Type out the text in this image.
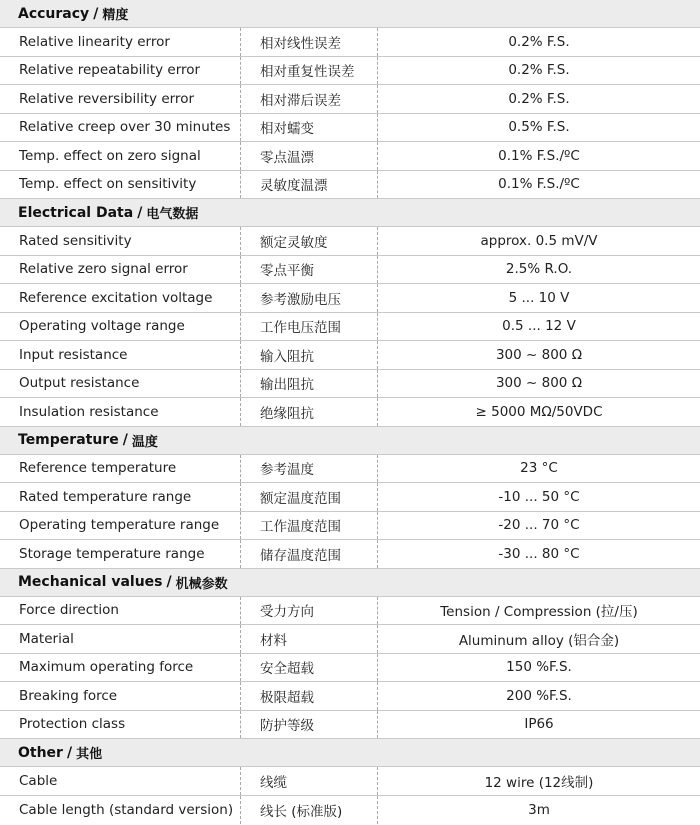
Accuracy / 精度
Relative linearity error	相对线性误差	0.2% F.S.
Relative repeatability error	相对重复性误差	0.2% F.S.
Relative reversibility error	相对滞后误差	0.2% F.S.
Relative creep over 30 minutes	相对蠕变	0.5% F.S.
Temp. effect on zero signal	零点温漂	0.1% F.S./ºC
Temp. effect on sensitivity	灵敏度温漂	0.1% F.S./ºC
Electrical Data / 电气数据
Rated sensitivity	额定灵敏度	approx. 0.5 mV/V
Relative zero signal error	零点平衡	2.5% R.O.
Reference excitation voltage	参考激励电压	5 ... 10 V
Operating voltage range	工作电压范围	0.5 ... 12 V
Input resistance	输入阻抗	300 ~ 800 Ω
Output resistance	输出阻抗	300 ~ 800 Ω
Insulation resistance	绝缘阻抗	≥ 5000 MΩ/50VDC
Temperature / 温度
Reference temperature	参考温度	23 °C
Rated temperature range	额定温度范围	-10 ... 50 °C
Operating temperature range	工作温度范围	-20 ... 70 °C
Storage temperature range	储存温度范围	-30 ... 80 °C
Mechanical values / 机械参数
Force direction	受力方向	Tension / Compression (拉/压)
Material	材料	Aluminum alloy (铝合金)
Maximum operating force	安全超载	150 %F.S.
Breaking force	极限超载	200 %F.S.
Protection class	防护等级	IP66
Other / 其他
Cable	线缆	12 wire (12线制)
Cable length (standard version)	线长 (标准版)	3m
